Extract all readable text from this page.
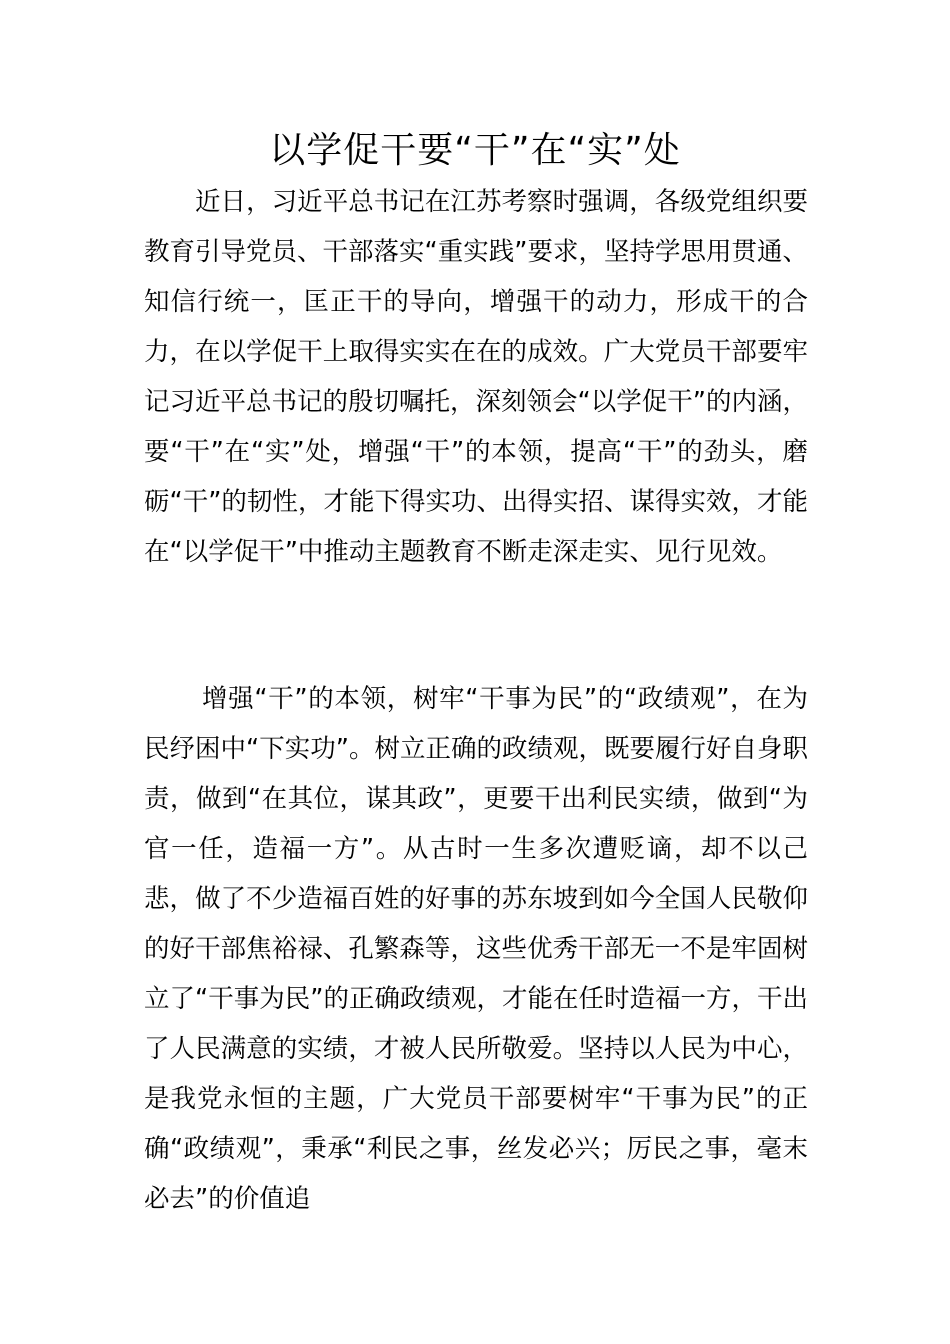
以学促干要“干”在“实”处

近日，习近平总书记在江苏考察时强调，各级党组织要教育引导党员、干部落实“重实践”要求，坚持学思用贯通、知信行统一，匡正干的导向，增强干的动力，形成干的合力，在以学促干上取得实实在在的成效。广大党员干部要牢记习近平总书记的殷切嘱托，深刻领会“以学促干”的内涵，要“干”在“实”处，增强“干”的本领，提高“干”的劲头，磨砺“干”的韧性，才能下得实功、出得实招、谋得实效，才能在“以学促干”中推动主题教育不断走深走实、见行见效。

增强“干”的本领，树牢“干事为民”的“政绩观”，在为民纾困中“下实功”。树立正确的政绩观，既要履行好自身职责，做到“在其位，谋其政”，更要干出利民实绩，做到“为官一任，造福一方”。从古时一生多次遭贬谪，却不以己悲，做了不少造福百姓的好事的苏东坡到如今全国人民敬仰的好干部焦裕禄、孔繁森等，这些优秀干部无一不是牢固树立了“干事为民”的正确政绩观，才能在任时造福一方，干出了人民满意的实绩，才被人民所敬爱。坚持以人民为中心，是我党永恒的主题，广大党员干部要树牢“干事为民”的正确“政绩观”，秉承“利民之事，丝发必兴；厉民之事，毫末必去”的价值追
